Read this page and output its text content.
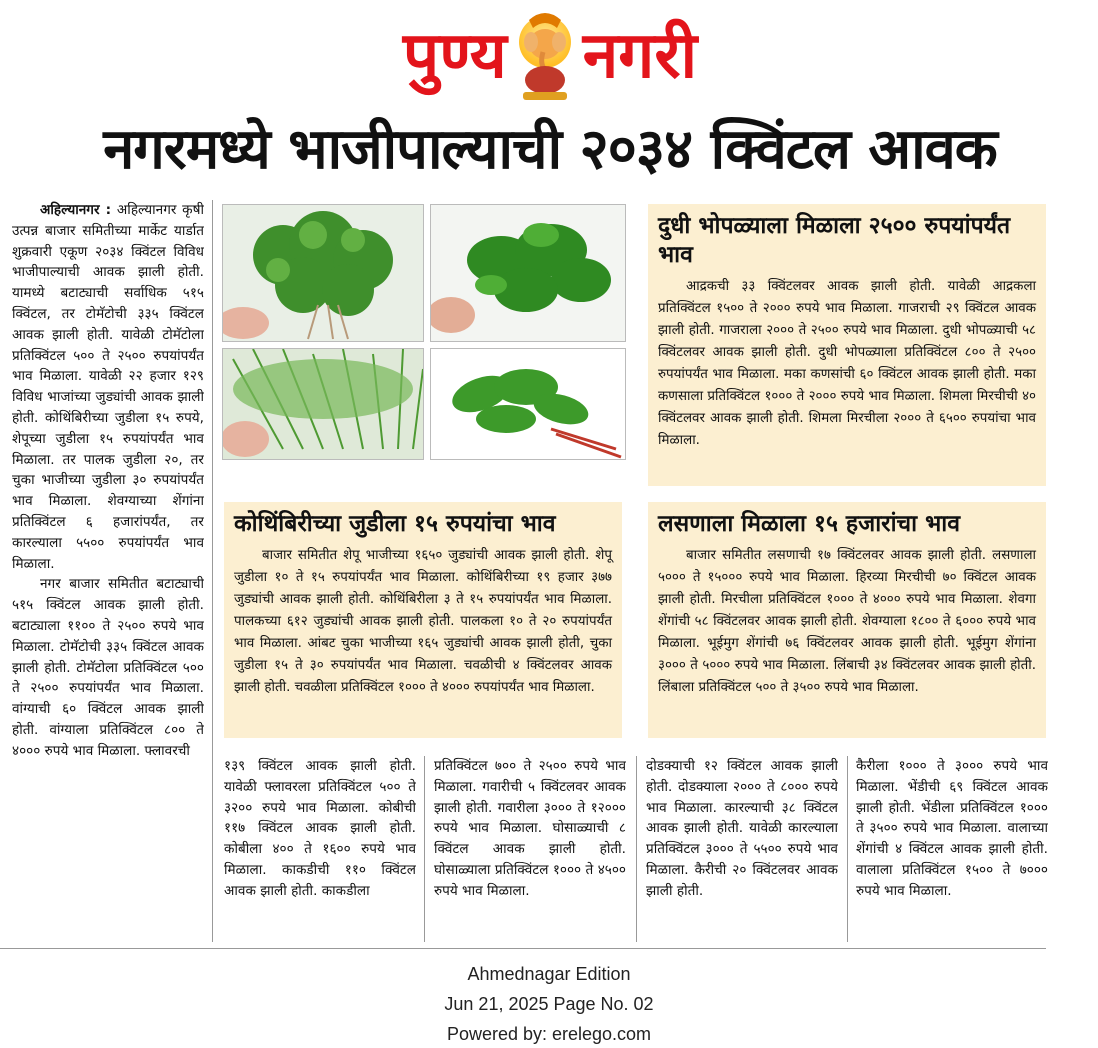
पुण्य नगरी
नगरमध्ये भाजीपाल्याची २०३४ क्विंटल आवक

अहिल्यानगर : अहिल्यानगर कृषी उत्पन्न बाजार समितीच्या मार्केट यार्डात शुक्रवारी एकूण २०३४ क्विंटल विविध भाजीपाल्याची आवक झाली होती. यामध्ये बटाट्याची सर्वाधिक ५१५ क्विंटल, तर टोमॅटोची ३३५ क्विंटल आवक झाली होती. यावेळी टोमॅटोला प्रतिक्विंटल ५०० ते २५०० रुपयांपर्यंत भाव मिळाला. यावेळी २२ हजार १२९ विविध भाजांच्या जुड्यांची आवक झाली होती. कोथिंबिरीच्या जुडीला १५ रुपये, शेपूच्या जुडीला १५ रुपयांपर्यंत भाव मिळाला. तर पालक जुडीला २०, तर चुका भाजीच्या जुडीला ३० रुपयांपर्यंत भाव मिळाला. शेवग्याच्या शेंगांना प्रतिक्विंटल ६ हजारांपर्यंत, तर कारल्याला ५५०० रुपयांपर्यंत भाव मिळाला.

नगर बाजार समितीत बटाट्याची ५१५ क्विंटल आवक झाली होती. बटाट्याला ११०० ते २५०० रुपये भाव मिळाला. टोमॅटोची ३३५ क्विंटल आवक झाली होती. टोमॅटोला प्रतिक्विंटल ५०० ते २५०० रुपयांपर्यंत भाव मिळाला. वांग्याची ६० क्विंटल आवक झाली होती. वांग्याला प्रतिक्विंटल ८०० ते ४००० रुपये भाव मिळाला. फ्लावरची

दुधी भोपळ्याला मिळाला २५०० रुपयांपर्यंत भाव
आद्रकची ३३ क्विंटलवर आवक झाली होती. यावेळी आद्रकला प्रतिक्विंटल १५०० ते २००० रुपये भाव मिळाला. गाजराची २९ क्विंटल आवक झाली होती. गाजराला २००० ते २५०० रुपये भाव मिळाला. दुधी भोपळ्याची ५८ क्विंटलवर आवक झाली होती. दुधी भोपळ्याला प्रतिक्विंटल ८०० ते २५०० रुपयांपर्यंत भाव मिळाला. मका कणसांची ६० क्विंटल आवक झाली होती. मका कणसाला प्रतिक्विंटल १००० ते २००० रुपये भाव मिळाला. शिमला मिरचीची ४० क्विंटलवर आवक झाली होती. शिमला मिरचीला २००० ते ६५०० रुपयांचा भाव मिळाला.
कोथिंबिरीच्या जुडीला १५ रुपयांचा भाव
बाजार समितीत शेपू भाजीच्या १६५० जुड्यांची आवक झाली होती. शेपू जुडीला १० ते १५ रुपयांपर्यंत भाव मिळाला. कोथिंबिरीच्या १९ हजार ३७७ जुड्यांची आवक झाली होती. कोथिंबिरीला ३ ते १५ रुपयांपर्यंत भाव मिळाला. पालकच्या ६१२ जुड्यांची आवक झाली होती. पालकला १० ते २० रुपयांपर्यंत भाव मिळाला. आंबट चुका भाजीच्या १६५ जुड्यांची आवक झाली होती, चुका जुडीला १५ ते ३० रुपयांपर्यंत भाव मिळाला. चवळीची ४ क्विंटलवर आवक झाली होती. चवळीला प्रतिक्विंटल १००० ते ४००० रुपयांपर्यंत भाव मिळाला.
लसणाला मिळाला १५ हजारांचा भाव
बाजार समितीत लसणाची १७ क्विंटलवर आवक झाली होती. लसणाला ५००० ते १५००० रुपये भाव मिळाला. हिरव्या मिरचीची ७० क्विंटल आवक झाली होती. मिरचीला प्रतिक्विंटल १००० ते ४००० रुपये भाव मिळाला. शेवगा शेंगांची ५८ क्विंटलवर आवक झाली होती. शेवग्याला १८०० ते ६००० रुपये भाव मिळाला. भूईमुग शेंगांची ७६ क्विंटलवर आवक झाली होती. भूईमुग शेंगांना ३००० ते ५००० रुपये भाव मिळाला. लिंबाची ३४ क्विंटलवर आवक झाली होती. लिंबाला प्रतिक्विंटल ५०० ते ३५०० रुपये भाव मिळाला.
१३९ क्विंटल आवक झाली होती. यावेळी फ्लावरला प्रतिक्विंटल ५०० ते ३२०० रुपये भाव मिळाला. कोबीची ११७ क्विंटल आवक झाली होती. कोबीला ४०० ते १६०० रुपये भाव मिळाला. काकडीची ११० क्विंटल आवक झाली होती. काकडीला
प्रतिक्विंटल ७०० ते २५०० रुपये भाव मिळाला. गवारीची ५ क्विंटलवर आवक झाली होती. गवारीला ३००० ते १२००० रुपये भाव मिळाला. घोसाळ्याची ८ क्विंटल आवक झाली होती. घोसाळ्याला प्रतिक्विंटल १००० ते ४५०० रुपये भाव मिळाला.
दोडक्याची १२ क्विंटल आवक झाली होती. दोडक्याला २००० ते ८००० रुपये भाव मिळाला. कारल्याची ३८ क्विंटल आवक झाली होती. यावेळी कारल्याला प्रतिक्विंटल ३००० ते ५५०० रुपये भाव मिळाला. कैरीची २० क्विंटलवर आवक झाली होती.
कैरीला १००० ते ३००० रुपये भाव मिळाला. भेंडीची ६९ क्विंटल आवक झाली होती. भेंडीला प्रतिक्विंटल १००० ते ३५०० रुपये भाव मिळाला. वालाच्या शेंगांची ४ क्विंटल आवक झाली होती. वालाला प्रतिक्विंटल १५०० ते ७००० रुपये भाव मिळाला.
Ahmednagar Edition
Jun 21, 2025 Page No. 02
Powered by: erelego.com
